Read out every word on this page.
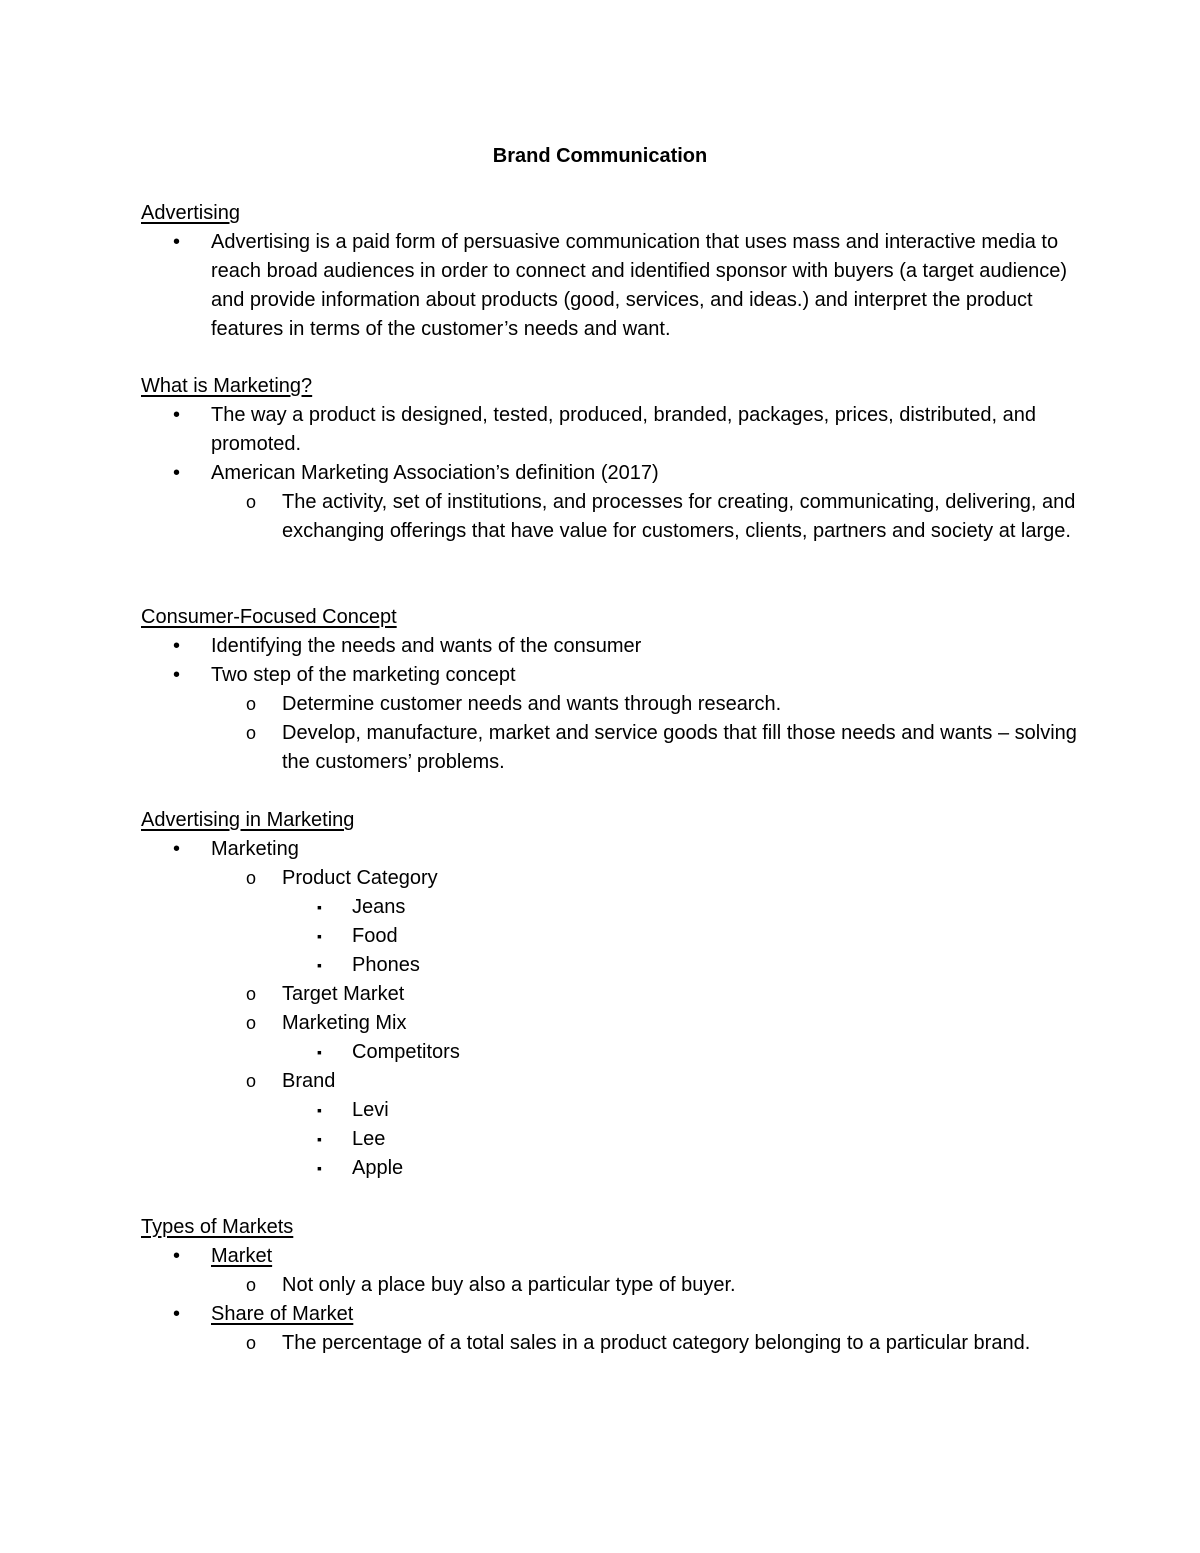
Brand Communication
Advertising
• Advertising is a paid form of persuasive communication that uses mass and interactive media to reach broad audiences in order to connect and identified sponsor with buyers (a target audience) and provide information about products (good, services, and ideas.) and interpret the product features in terms of the customer’s needs and want.
What is Marketing?
• The way a product is designed, tested, produced, branded, packages, prices, distributed, and promoted.
• American Marketing Association’s definition (2017)
o The activity, set of institutions, and processes for creating, communicating, delivering, and exchanging offerings that have value for customers, clients, partners and society at large.
Consumer-Focused Concept
• Identifying the needs and wants of the consumer
• Two step of the marketing concept
o Determine customer needs and wants through research.
o Develop, manufacture, market and service goods that fill those needs and wants – solving the customers’ problems.
Advertising in Marketing
• Marketing
o Product Category
▪ Jeans
▪ Food
▪ Phones
o Target Market
o Marketing Mix
▪ Competitors
o Brand
▪ Levi
▪ Lee
▪ Apple
Types of Markets
• Market
o Not only a place buy also a particular type of buyer.
• Share of Market
o The percentage of a total sales in a product category belonging to a particular brand.
